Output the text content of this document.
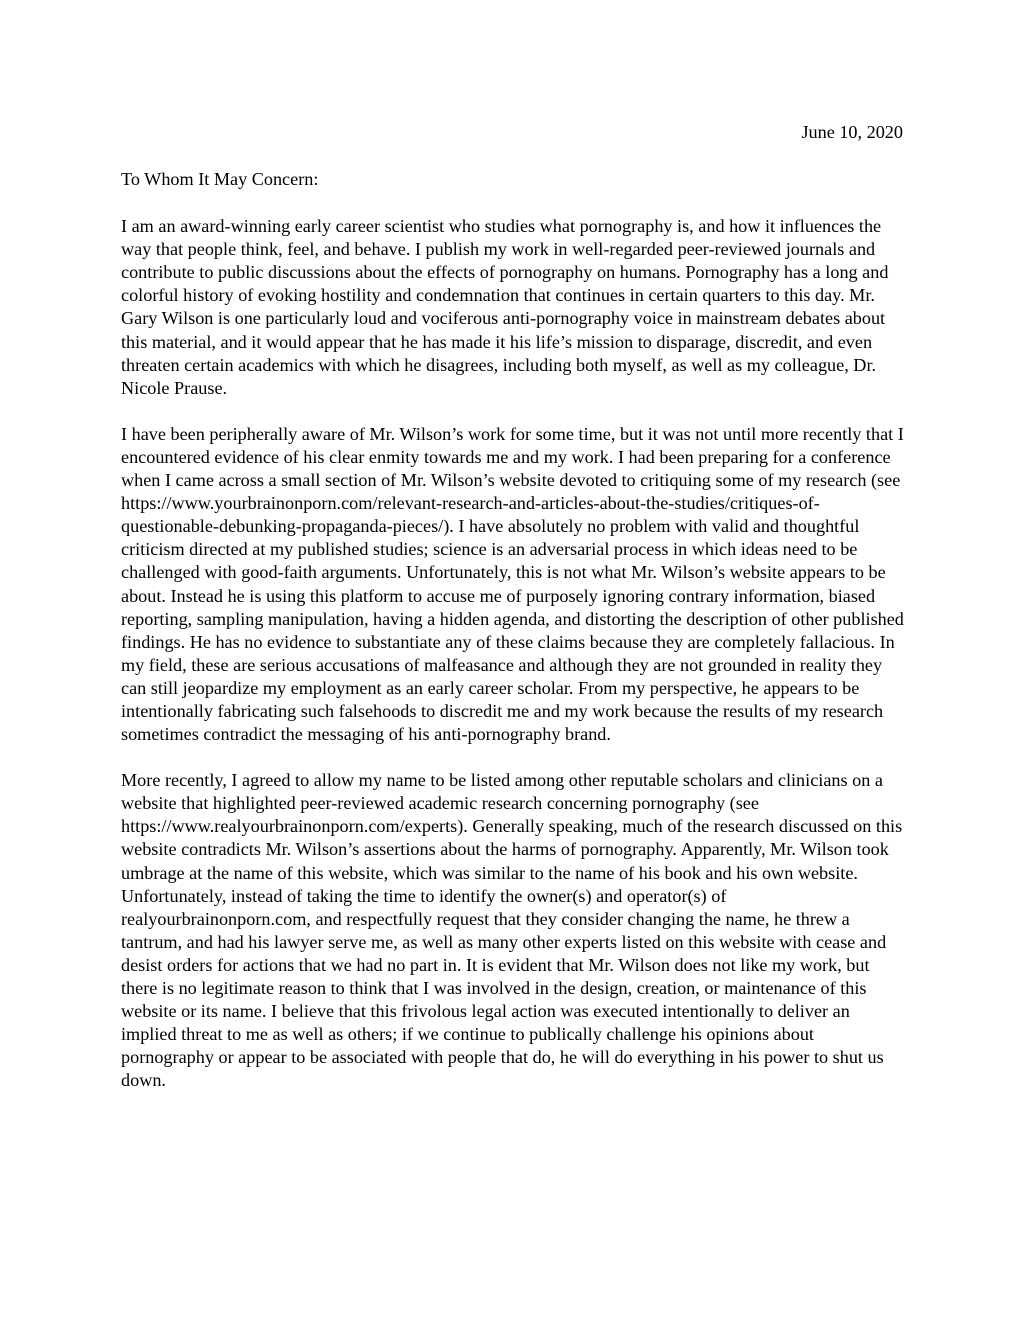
June 10, 2020

To Whom It May Concern:

I am an award-winning early career scientist who studies what pornography is, and how it influences the way that people think, feel, and behave. I publish my work in well-regarded peer-reviewed journals and contribute to public discussions about the effects of pornography on humans. Pornography has a long and colorful history of evoking hostility and condemnation that continues in certain quarters to this day. Mr. Gary Wilson is one particularly loud and vociferous anti-pornography voice in mainstream debates about this material, and it would appear that he has made it his life’s mission to disparage, discredit, and even threaten certain academics with which he disagrees, including both myself, as well as my colleague, Dr. Nicole Prause.

I have been peripherally aware of Mr. Wilson’s work for some time, but it was not until more recently that I encountered evidence of his clear enmity towards me and my work. I had been preparing for a conference when I came across a small section of Mr. Wilson’s website devoted to critiquing some of my research (see https://www.yourbrainonporn.com/relevant-research-and-articles-about-the-studies/critiques-of-questionable-debunking-propaganda-pieces/). I have absolutely no problem with valid and thoughtful criticism directed at my published studies; science is an adversarial process in which ideas need to be challenged with good-faith arguments. Unfortunately, this is not what Mr. Wilson’s website appears to be about. Instead he is using this platform to accuse me of purposely ignoring contrary information, biased reporting, sampling manipulation, having a hidden agenda, and distorting the description of other published findings. He has no evidence to substantiate any of these claims because they are completely fallacious. In my field, these are serious accusations of malfeasance and although they are not grounded in reality they can still jeopardize my employment as an early career scholar. From my perspective, he appears to be intentionally fabricating such falsehoods to discredit me and my work because the results of my research sometimes contradict the messaging of his anti-pornography brand.

More recently, I agreed to allow my name to be listed among other reputable scholars and clinicians on a website that highlighted peer-reviewed academic research concerning pornography (see https://www.realyourbrainonporn.com/experts). Generally speaking, much of the research discussed on this website contradicts Mr. Wilson’s assertions about the harms of pornography. Apparently, Mr. Wilson took umbrage at the name of this website, which was similar to the name of his book and his own website. Unfortunately, instead of taking the time to identify the owner(s) and operator(s) of realyourbrainonporn.com, and respectfully request that they consider changing the name, he threw a tantrum, and had his lawyer serve me, as well as many other experts listed on this website with cease and desist orders for actions that we had no part in. It is evident that Mr. Wilson does not like my work, but there is no legitimate reason to think that I was involved in the design, creation, or maintenance of this website or its name. I believe that this frivolous legal action was executed intentionally to deliver an implied threat to me as well as others; if we continue to publically challenge his opinions about pornography or appear to be associated with people that do, he will do everything in his power to shut us down.
